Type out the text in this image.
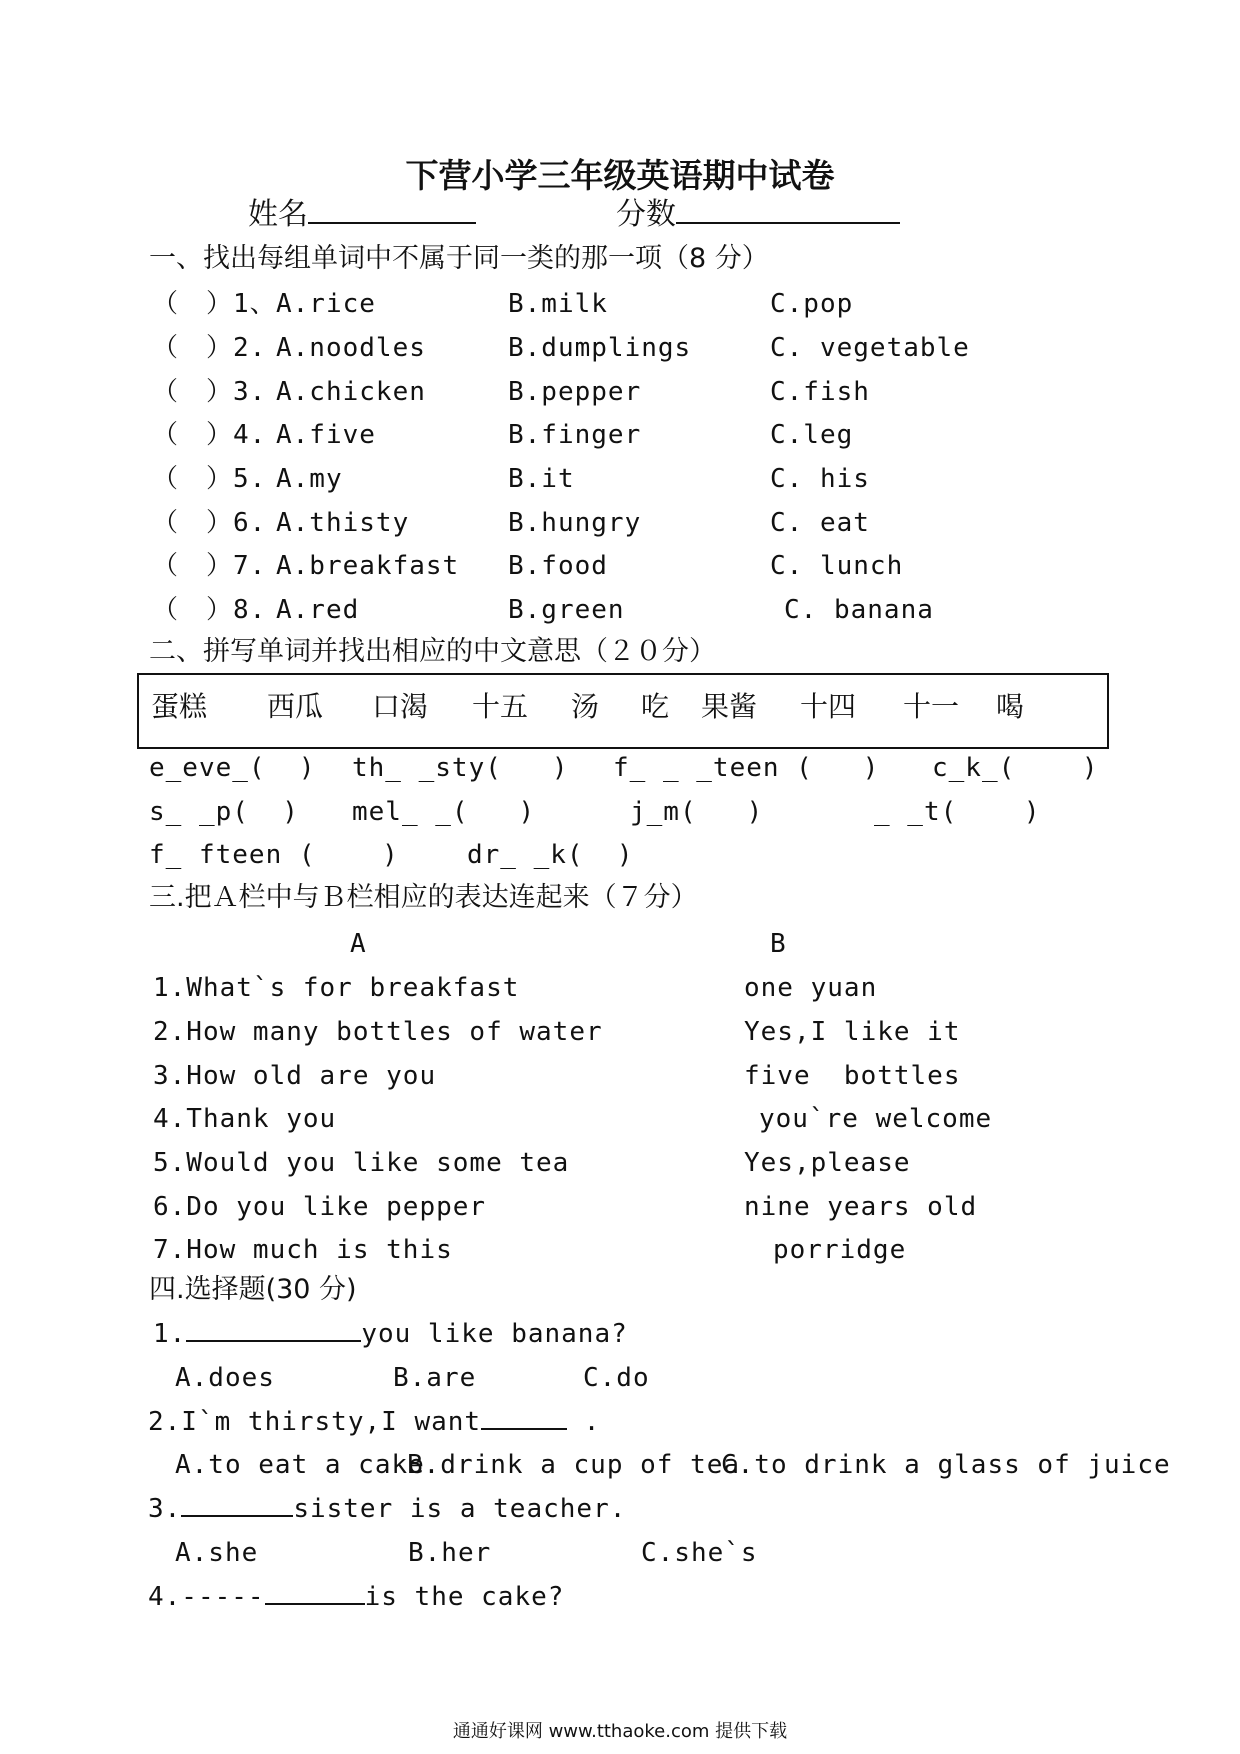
下营小学三年级英语期中试卷
姓名	分数
一、找出每组单词中不属于同一类的那一项（8 分）
（　）1、 A.rice	B.milk	C.pop
（　）2. A.noodles	B.dumplings	C. vegetable
（　）3. A.chicken	B.pepper	C.fish
（　）4. A.five	B.finger	C.leg
（　）5. A.my	B.it	C. his
（　）6. A.thisty	B.hungry	C. eat
（　）7. A.breakfast B.food	C. lunch
（　）8. A.red	B.green	C. banana
二、拼写单词并找出相应的中文意思（２０分）
蛋糕 西瓜 口渴 十五 汤 吃 果酱 十四 十一 喝
e_eve_(  ) th_ _sty(   ) f_ _ _teen (   ) c_k_(    )
s_ _p(  ) mel_ _(   )	j_m(   )	_ _t(    )
f_ fteen (    )	dr_ _k(  )
三.把Ａ栏中与Ｂ栏相应的表达连起来（７分）
A	B
1.What`s for breakfast	one yuan
2.How many bottles of water	Yes,I like it
3.How old are you	five  bottles
4.Thank you	you`re welcome
5.Would you like some tea	Yes,please
6.Do you like pepper	nine years old
7.How much is this	porridge
四.选择题(30 分)
1.	you like banana?
A.does	B.are	C.do
2.I`m thirsty,I want	.
A.to eat a cake
B.drink a cup of tea
C.to drink a glass of juice
3.	sister is a teacher.
A.she	B.her	C.she`s
4.-----	is the cake?
通通好课网 www.tthaoke.com 提供下载
